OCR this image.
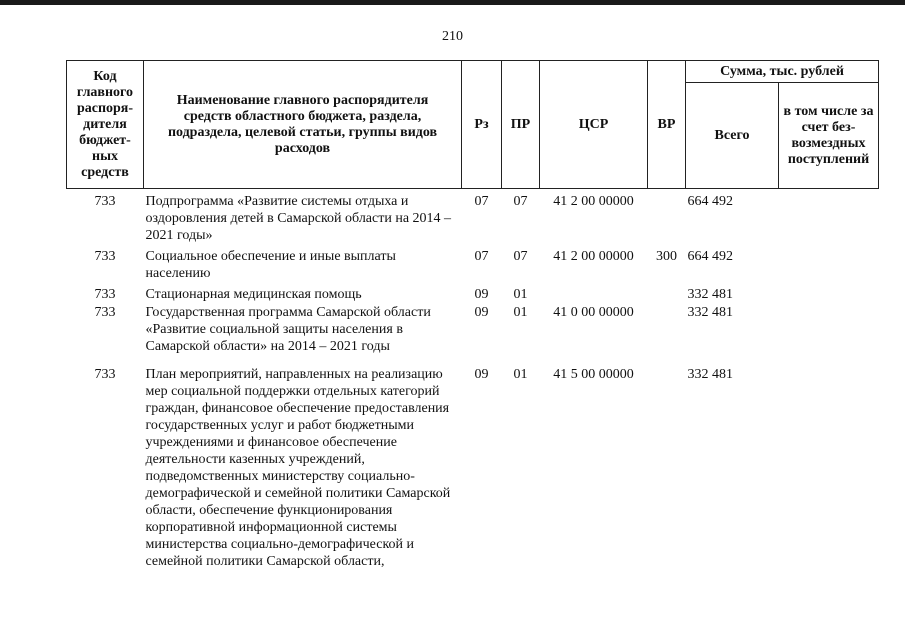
210
Код главного распоря-дителя бюджет-ных средств	Наименование главного распорядителя средств областного бюджета, раздела, подраздела, целевой статьи, группы видов расходов	Рз	ПР	ЦСР	ВР	Сумма, тыс. рублей	
						Всего	в том числе за счет без-возмездных поступлений
733	Подпрограмма «Развитие системы отдыха и оздоровления детей в Самарской области на 2014 – 2021 годы»	07	07	41 2 00 00000		664 492	
733	Социальное обеспечение и иные выплаты населению	07	07	41 2 00 00000	300	664 492	
733	Стационарная медицинская помощь	09	01			332 481	
733	Государственная программа Самарской области «Развитие социальной защиты населения в Самарской области» на 2014 – 2021 годы	09	01	41 0 00 00000		332 481	
733	План мероприятий, направленных на реализацию мер социальной поддержки отдельных категорий граждан, финансовое обеспечение предоставления государственных услуг и работ бюджетными учреждениями и финансовое обеспечение деятельности казенных учреждений, подведомственных министерству социально-демографической и семейной политики Самарской области, обеспечение функционирования корпоративной информационной системы министерства социально-демографической и семейной политики Самарской области,	09	01	41 5 00 00000		332 481	
